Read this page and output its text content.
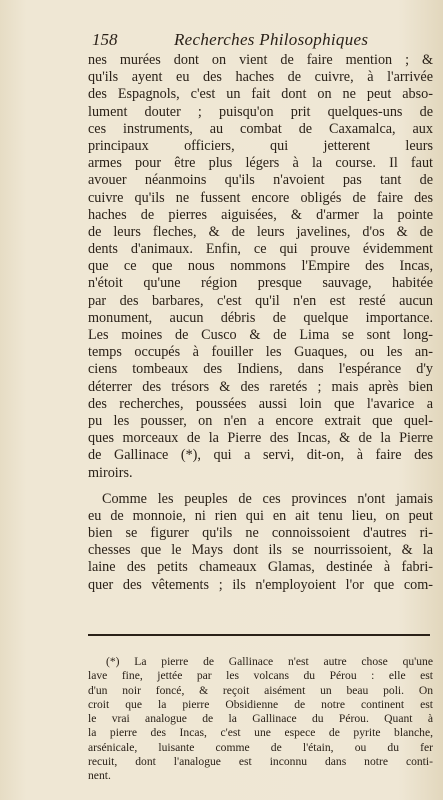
158	Recherches Philosophiques
nes murées dont on vient de faire mention ; &
qu'ils ayent eu des haches de cuivre, à l'arrivée
des Espagnols, c'est un fait dont on ne peut abso-
lument douter ; puisqu'on prit quelques-uns de
ces instruments, au combat de Caxamalca, aux
principaux officiers, qui jetterent leurs
armes pour être plus légers à la course. Il faut
avouer néanmoins qu'ils n'avoient pas tant de
cuivre qu'ils ne fussent encore obligés de faire des
haches de pierres aiguisées, & d'armer la pointe
de leurs fleches, & de leurs javelines, d'os & de
dents d'animaux. Enfin, ce qui prouve évidemment
que ce que nous nommons l'Empire des Incas,
n'étoit qu'une région presque sauvage, habitée
par des barbares, c'est qu'il n'en est resté aucun
monument, aucun débris de quelque importance.
Les moines de Cusco & de Lima se sont long-
temps occupés à fouiller les Guaques, ou les an-
ciens tombeaux des Indiens, dans l'espérance d'y
déterrer des trésors & des raretés ; mais après bien
des recherches, poussées aussi loin que l'avarice a
pu les pousser, on n'en a encore extrait que quel-
ques morceaux de la Pierre des Incas, & de la Pierre
de Gallinace (*), qui a servi, dit-on, à faire des
miroirs.
Comme les peuples de ces provinces n'ont jamais
eu de monnoie, ni rien qui en ait tenu lieu, on peut
bien se figurer qu'ils ne connoissoient d'autres ri-
chesses que le Mays dont ils se nourrissoient, & la
laine des petits chameaux Glamas, destinée à fabri-
quer des vêtements ; ils n'employoient l'or que com-
(*) La pierre de Gallinace n'est autre chose qu'une
lave fine, jettée par les volcans du Pérou : elle est
d'un noir foncé, & reçoit aisément un beau poli. On
croit que la pierre Obsidienne de notre continent est
le vrai analogue de la Gallinace du Pérou. Quant à
la pierre des Incas, c'est une espece de pyrite blanche,
arsénicale, luisante comme de l'étain, ou du fer
recuit, dont l'analogue est inconnu dans notre conti-
nent.
